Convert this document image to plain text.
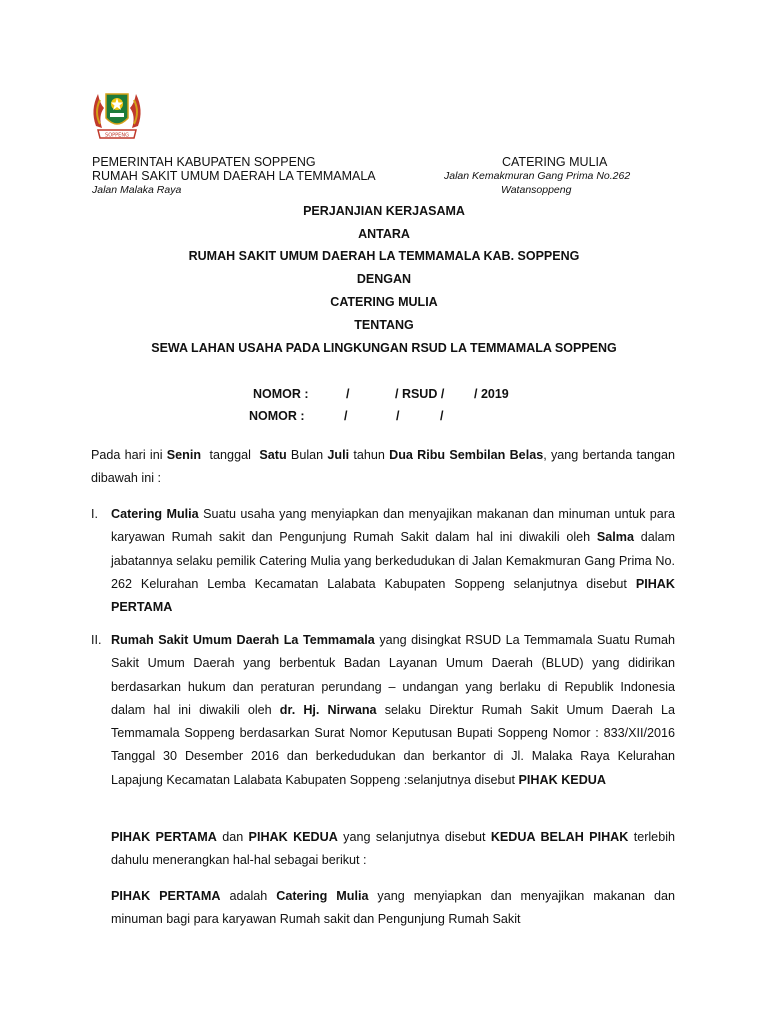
SOPPENG
PEMERINTAH KABUPATEN SOPPENG
RUMAH SAKIT UMUM DAERAH LA TEMMAMALA
Jalan Malaka Raya
CATERING MULIA
Jalan Kemakmuran Gang Prima No.262
Watansoppeng
PERJANJIAN KERJASAMA
ANTARA
RUMAH SAKIT UMUM DAERAH LA TEMMAMALA KAB. SOPPENG
DENGAN
CATERING MULIA
TENTANG
SEWA LAHAN USAHA PADA LINGKUNGAN RSUD LA TEMMAMALA SOPPENG
NOMOR :	/	/ RSUD / / 2019
NOMOR :	/	/	/

Pada hari ini Senin  tanggal  Satu Bulan Juli tahun Dua Ribu Sembilan Belas, yang bertanda tangan dibawah ini :

I. Catering Mulia Suatu usaha yang menyiapkan dan menyajikan makanan dan minuman untuk para karyawan Rumah sakit dan Pengunjung Rumah Sakit dalam hal ini diwakili oleh Salma dalam jabatannya selaku pemilik Catering Mulia yang berkedudukan di Jalan Kemakmuran Gang Prima No. 262 Kelurahan Lemba Kecamatan Lalabata Kabupaten Soppeng selanjutnya disebut PIHAK PERTAMA

II. Rumah Sakit Umum Daerah La Temmamala yang disingkat RSUD La Temmamala Suatu Rumah Sakit Umum Daerah yang berbentuk Badan Layanan Umum Daerah (BLUD) yang didirikan berdasarkan hukum dan peraturan perundang – undangan yang berlaku di Republik Indonesia dalam hal ini diwakili oleh dr. Hj. Nirwana selaku Direktur Rumah Sakit Umum Daerah La Temmamala Soppeng berdasarkan Surat Nomor Keputusan Bupati Soppeng Nomor : 833/XII/2016 Tanggal 30 Desember 2016 dan berkedudukan dan berkantor di Jl. Malaka Raya Kelurahan Lapajung Kecamatan Lalabata Kabupaten Soppeng :selanjutnya disebut PIHAK KEDUA

PIHAK PERTAMA dan PIHAK KEDUA yang selanjutnya disebut KEDUA BELAH PIHAK terlebih dahulu menerangkan hal-hal sebagai berikut :

PIHAK PERTAMA adalah Catering Mulia yang menyiapkan dan menyajikan makanan dan minuman bagi para karyawan Rumah sakit dan Pengunjung Rumah Sakit
